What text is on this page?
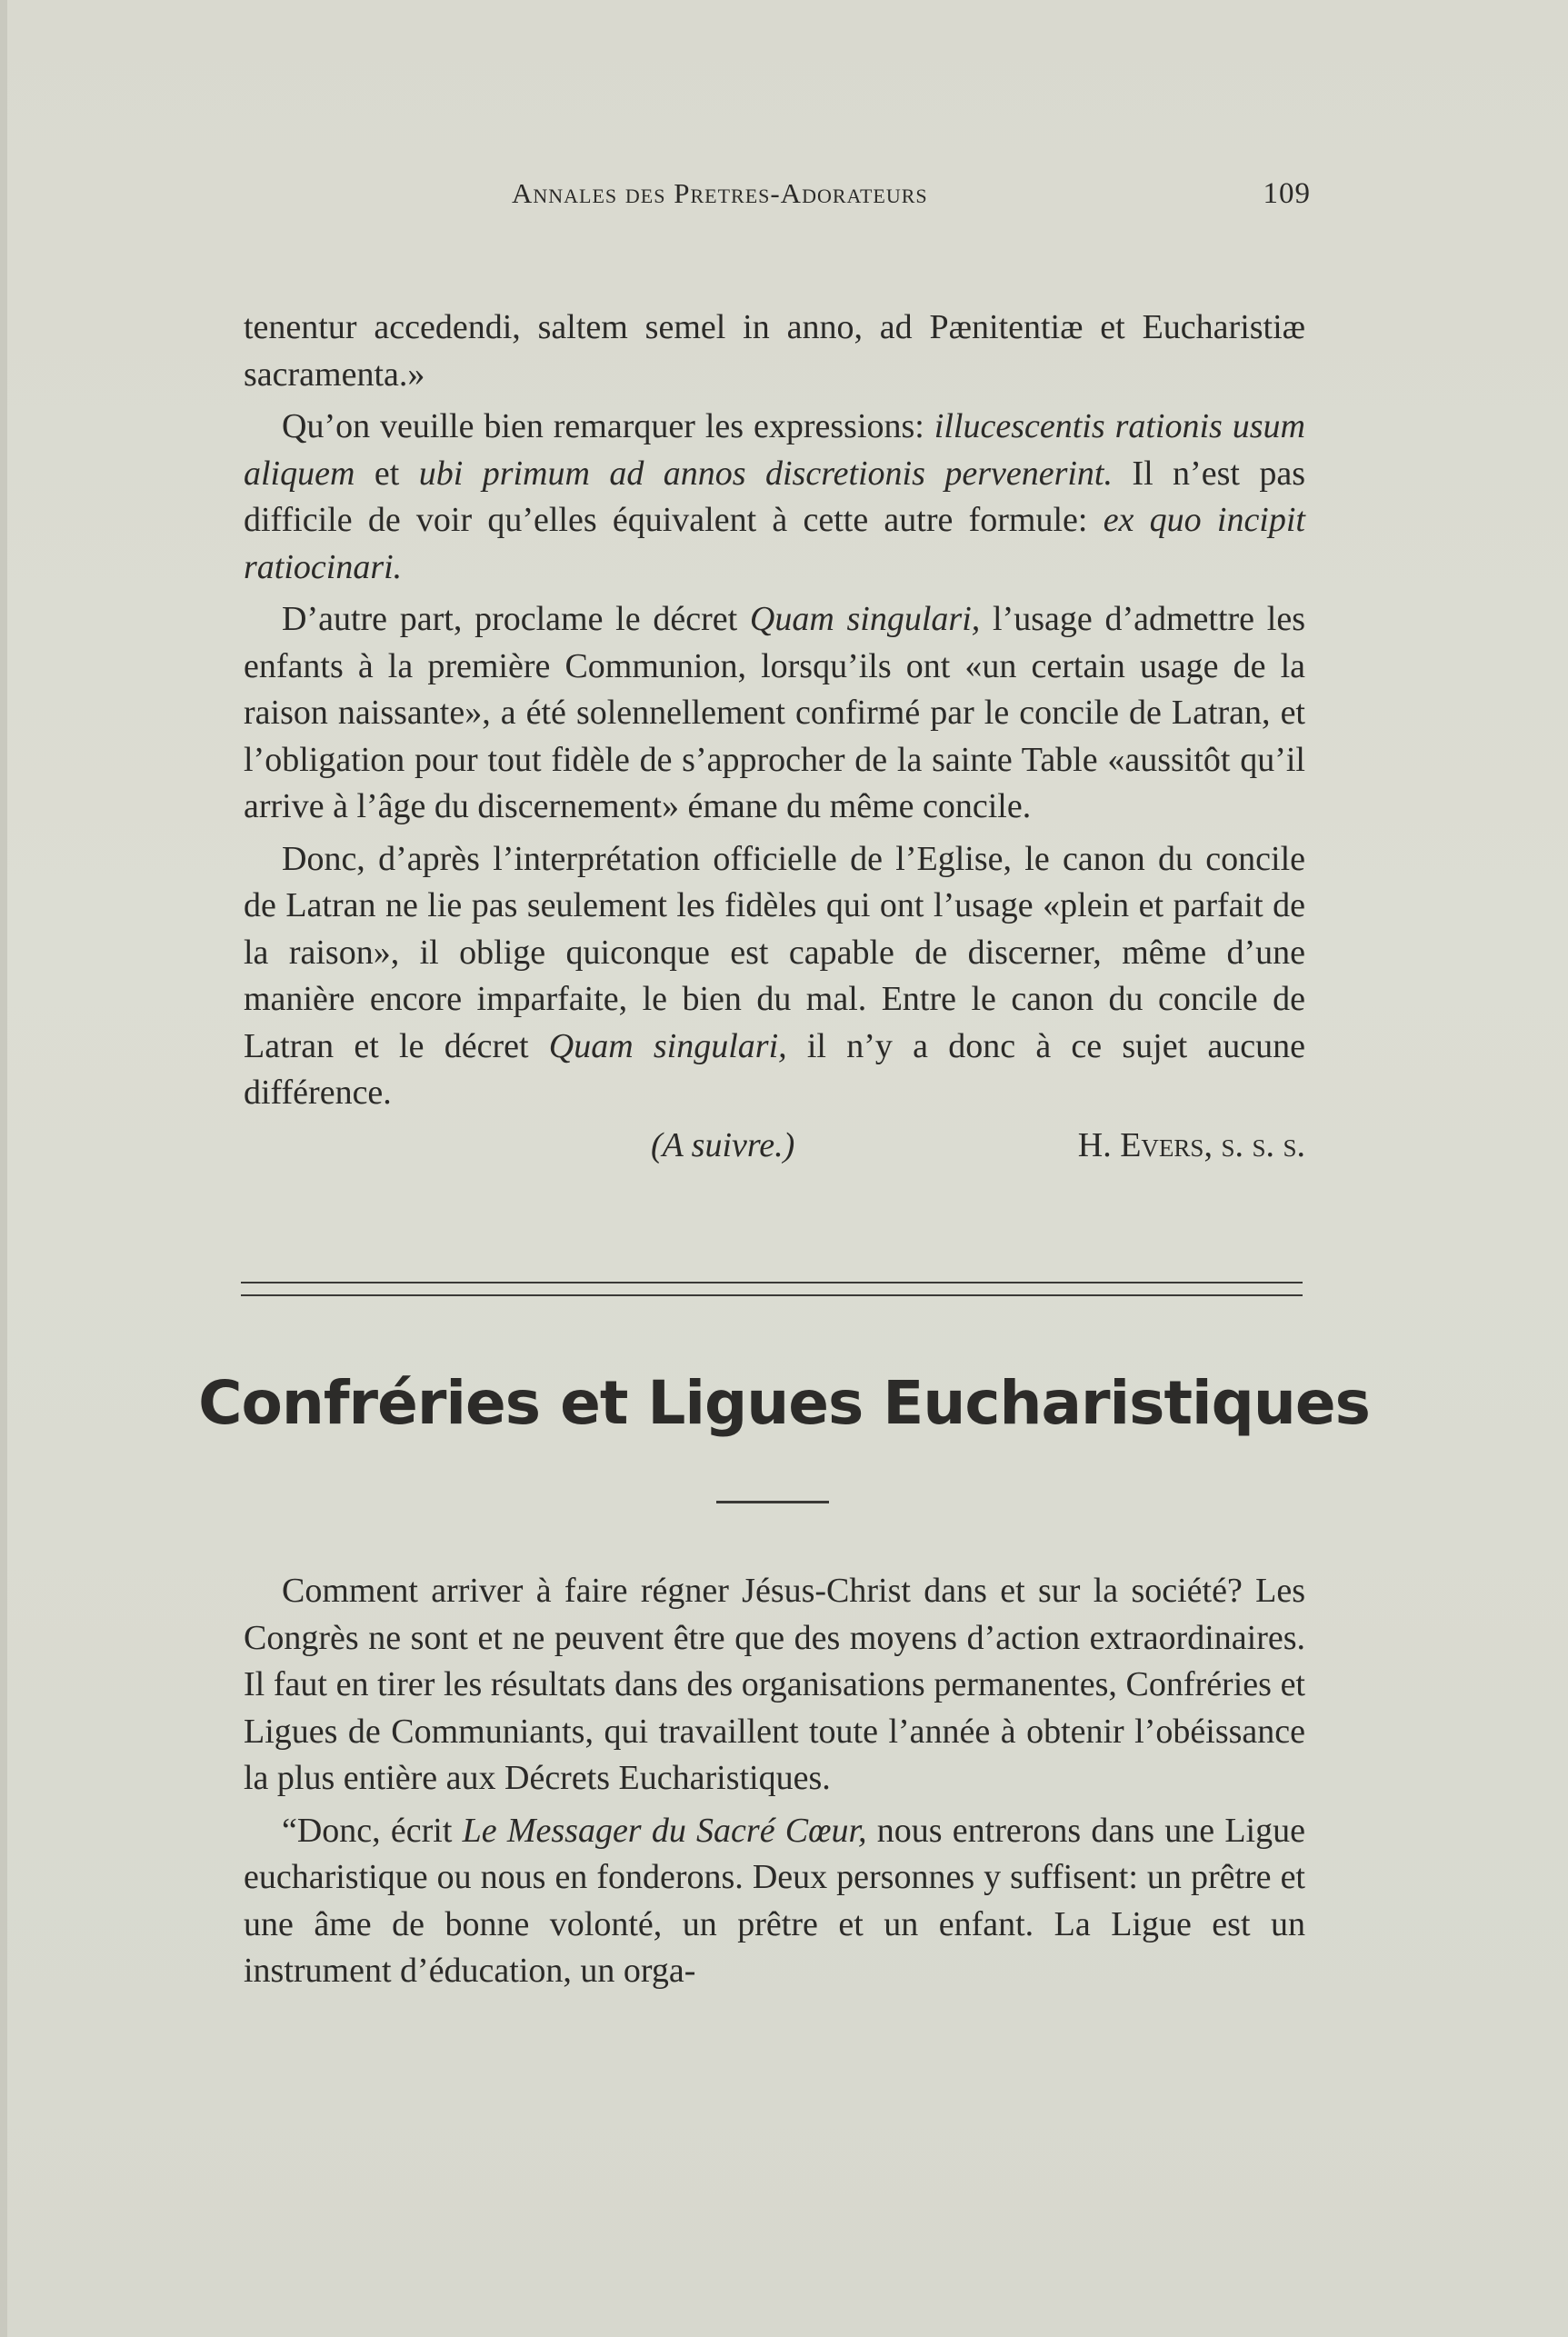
Annales des Pretres-Adorateurs	109

tenentur accedendi, saltem semel in anno, ad Pænitentiæ et Eucharistiæ sacramenta.»

Qu’on veuille bien remarquer les expressions: illucescentis rationis usum aliquem et ubi primum ad annos discretionis pervenerint. Il n’est pas difficile de voir qu’elles équivalent à cette autre formule: ex quo incipit ratiocinari.

D’autre part, proclame le décret Quam singulari, l’usage d’admettre les enfants à la première Communion, lorsqu’ils ont «un certain usage de la raison naissante», a été solennellement confirmé par le concile de Latran, et l’obligation pour tout fidèle de s’approcher de la sainte Table «aussitôt qu’il arrive à l’âge du discernement» émane du même concile.

Donc, d’après l’interprétation officielle de l’Eglise, le canon du concile de Latran ne lie pas seulement les fidèles qui ont l’usage «plein et parfait de la raison», il oblige quiconque est capable de discerner, même d’une manière encore imparfaite, le bien du mal. Entre le canon du concile de Latran et le décret Quam singulari, il n’y a donc à ce sujet aucune différence.

(A suivre.)	H. Evers, s. s. s.
Confréries et Ligues Eucharistiques

Comment arriver à faire régner Jésus-Christ dans et sur la société? Les Congrès ne sont et ne peuvent être que des moyens d’action extraordinaires. Il faut en tirer les résultats dans des organisations permanentes, Confréries et Ligues de Communiants, qui travaillent toute l’année à obtenir l’obéissance la plus entière aux Décrets Eucharistiques.

“Donc, écrit Le Messager du Sacré Cœur, nous entrerons dans une Ligue eucharistique ou nous en fonderons. Deux personnes y suffisent: un prêtre et une âme de bonne volonté, un prêtre et un enfant. La Ligue est un instrument d’éducation, un orga-
